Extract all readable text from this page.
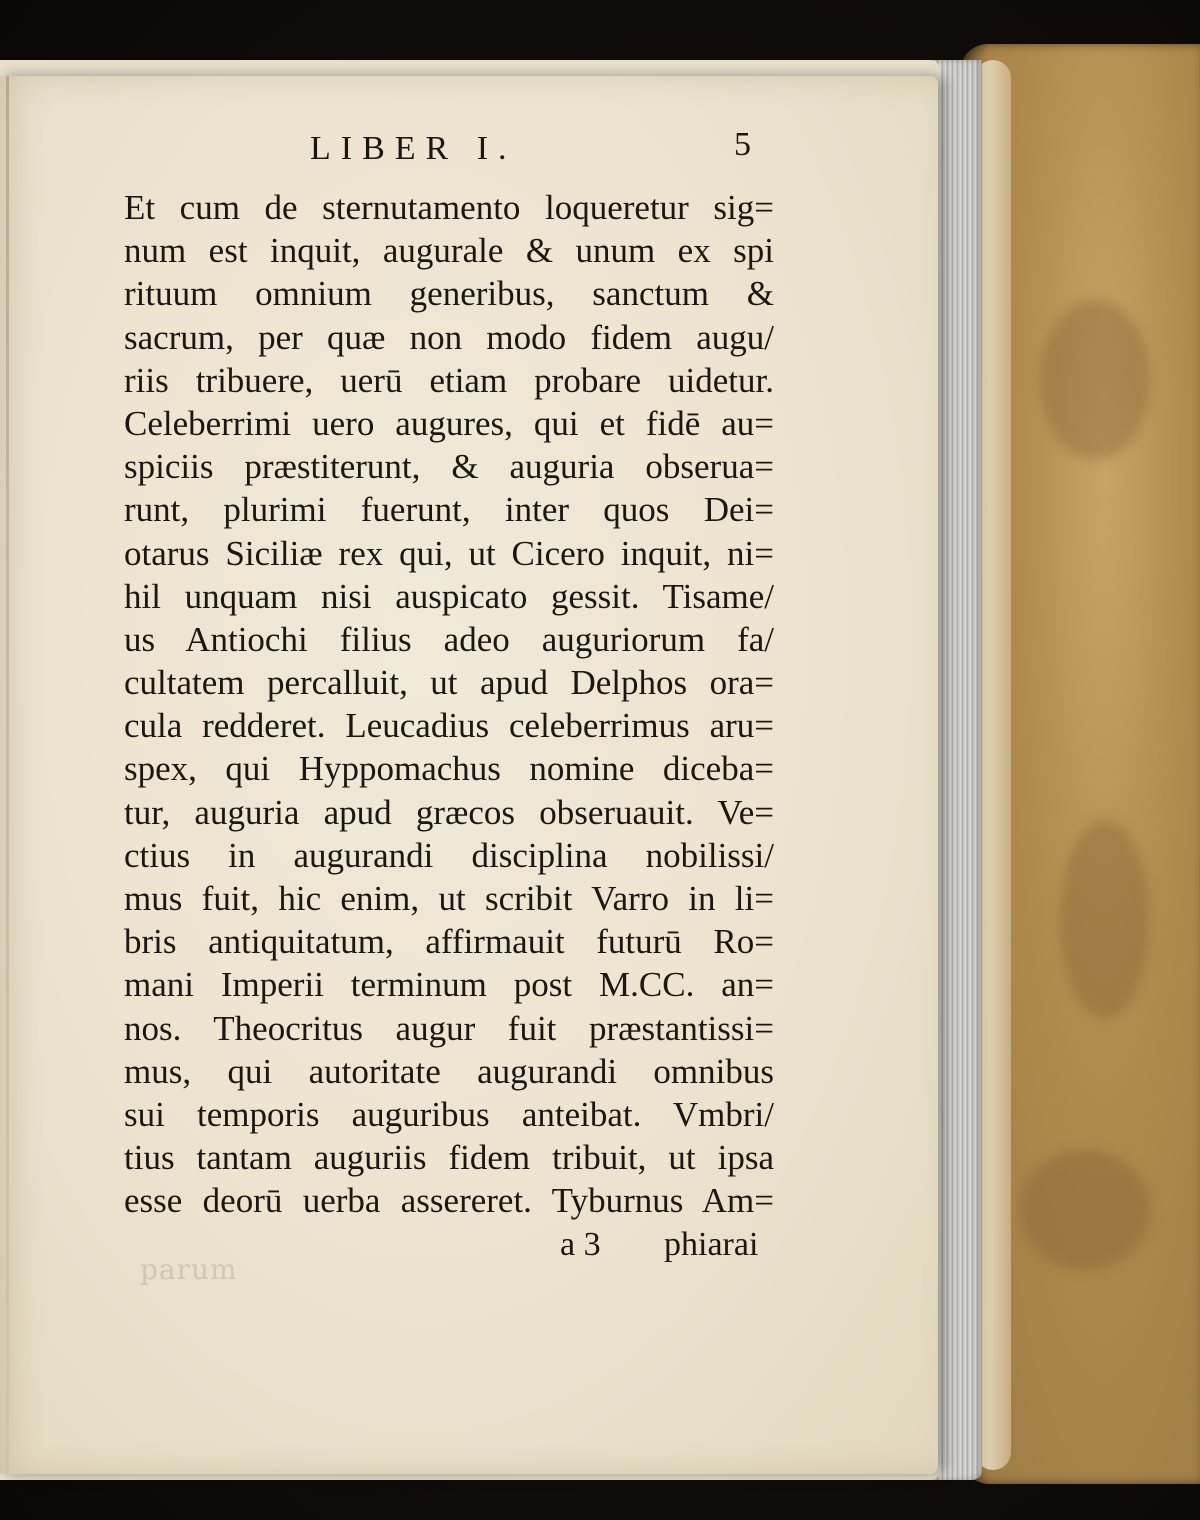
parum
LIBER I.	5
Et cum de sternutamento loqueretur sig=
num est inquit, augurale & unum ex spi
rituum omnium generibus, sanctum &
sacrum, per quæ non modo fidem augu/
riis tribuere, uerū etiam probare uidetur.
Celeberrimi uero augures, qui et fidē au=
spiciis præstiterunt, & auguria obserua=
runt, plurimi fuerunt, inter quos Dei=
otarus Siciliæ rex qui, ut Cicero inquit, ni=
hil unquam nisi auspicato gessit. Tisame/
us Antiochi filius adeo auguriorum fa/
cultatem percalluit, ut apud Delphos ora=
cula redderet. Leucadius celeberrimus aru=
spex, qui Hyppomachus nomine diceba=
tur, auguria apud græcos obseruauit. Ve=
ctius in augurandi disciplina nobilissi/
mus fuit, hic enim, ut scribit Varro in li=
bris antiquitatum, affirmauit futurū Ro=
mani Imperii terminum post M.CC. an=
nos. Theocritus augur fuit præstantissi=
mus, qui autoritate augurandi omnibus
sui temporis auguribus anteibat. Vmbri/
tius tantam auguriis fidem tribuit, ut ipsa
esse deorū uerba assereret. Tyburnus Am=
a 3 phiarai
